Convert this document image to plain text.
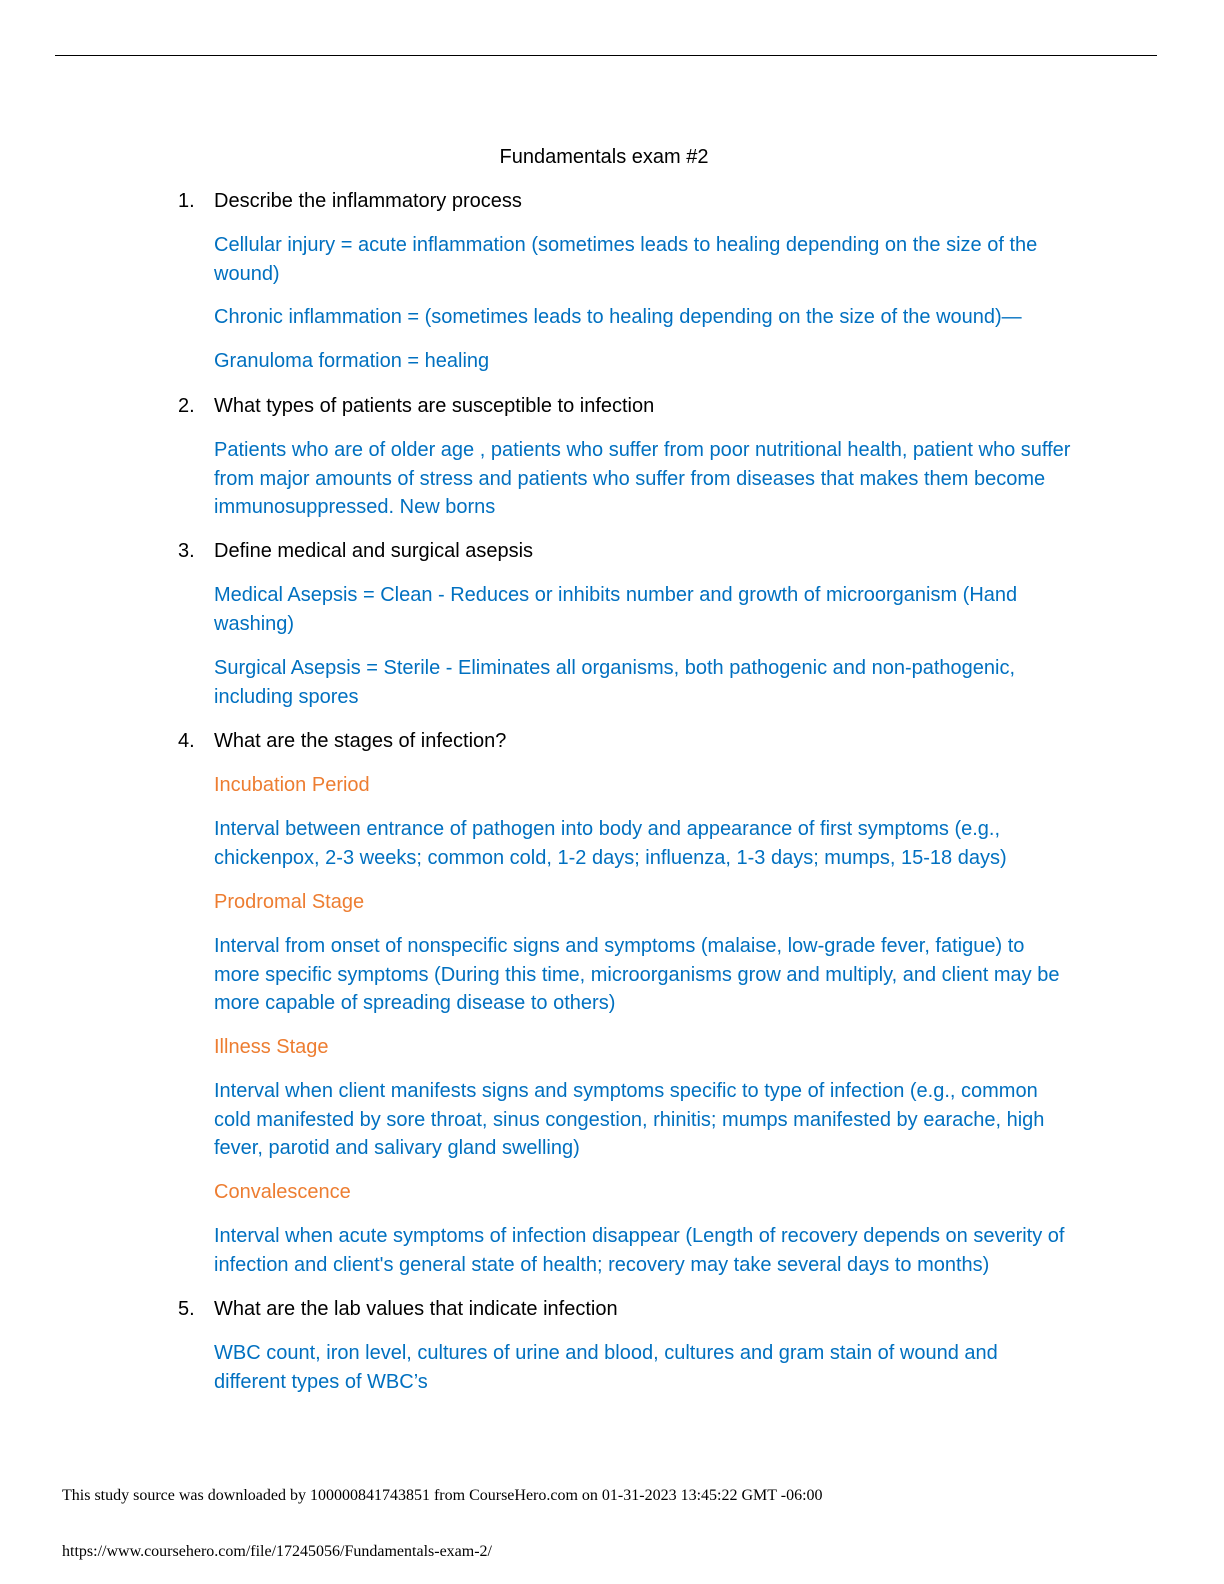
Fundamentals exam #2
1. Describe the inflammatory process
Cellular injury = acute inflammation (sometimes leads to healing depending on the size of the wound)
Chronic inflammation = (sometimes leads to healing depending on the size of the wound)—
Granuloma formation = healing
2. What types of patients are susceptible to infection
Patients who are of older age , patients who suffer from poor nutritional health, patient who suffer from major amounts of stress and patients who suffer from diseases that makes them become immunosuppressed. New borns
3. Define medical and surgical asepsis
Medical Asepsis = Clean - Reduces or inhibits number and growth of microorganism (Hand washing)
Surgical Asepsis = Sterile - Eliminates all organisms, both pathogenic and non-pathogenic, including spores
4. What are the stages of infection?
Incubation Period
Interval between entrance of pathogen into body and appearance of first symptoms (e.g., chickenpox, 2-3 weeks; common cold, 1-2 days; influenza, 1-3 days; mumps, 15-18 days)
Prodromal Stage
Interval from onset of nonspecific signs and symptoms (malaise, low-grade fever, fatigue) to more specific symptoms (During this time, microorganisms grow and multiply, and client may be more capable of spreading disease to others)
Illness Stage
Interval when client manifests signs and symptoms specific to type of infection (e.g., common cold manifested by sore throat, sinus congestion, rhinitis; mumps manifested by earache, high fever, parotid and salivary gland swelling)
Convalescence
Interval when acute symptoms of infection disappear (Length of recovery depends on severity of infection and client's general state of health; recovery may take several days to months)
5. What are the lab values that indicate infection
WBC count, iron level, cultures of urine and blood, cultures and gram stain of wound and different types of WBC’s
This study source was downloaded by 100000841743851 from CourseHero.com on 01-31-2023 13:45:22 GMT -06:00
https://www.coursehero.com/file/17245056/Fundamentals-exam-2/
